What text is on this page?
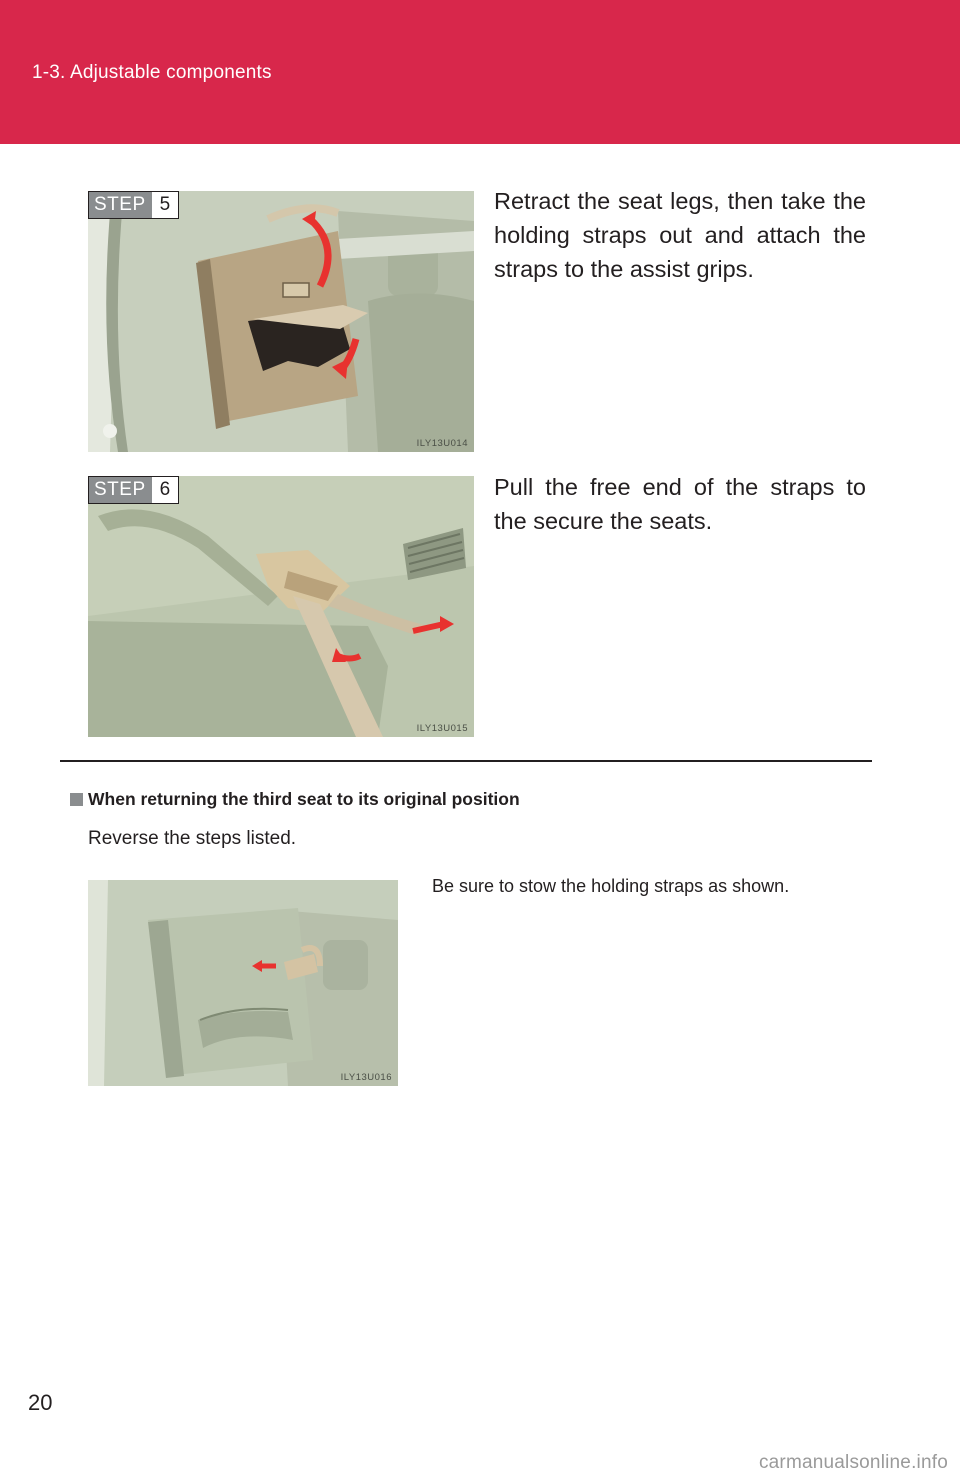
1-3. Adjustable components
STEP 5
ILY13U014
Retract the seat legs, then take the holding straps out and attach the straps to the assist grips.
STEP 6
ILY13U015
Pull the free end of the straps to the secure the seats.
When returning the third seat to its original position
Reverse the steps listed.
ILY13U016
Be sure to stow the holding straps as shown.
20
carmanualsonline.info
